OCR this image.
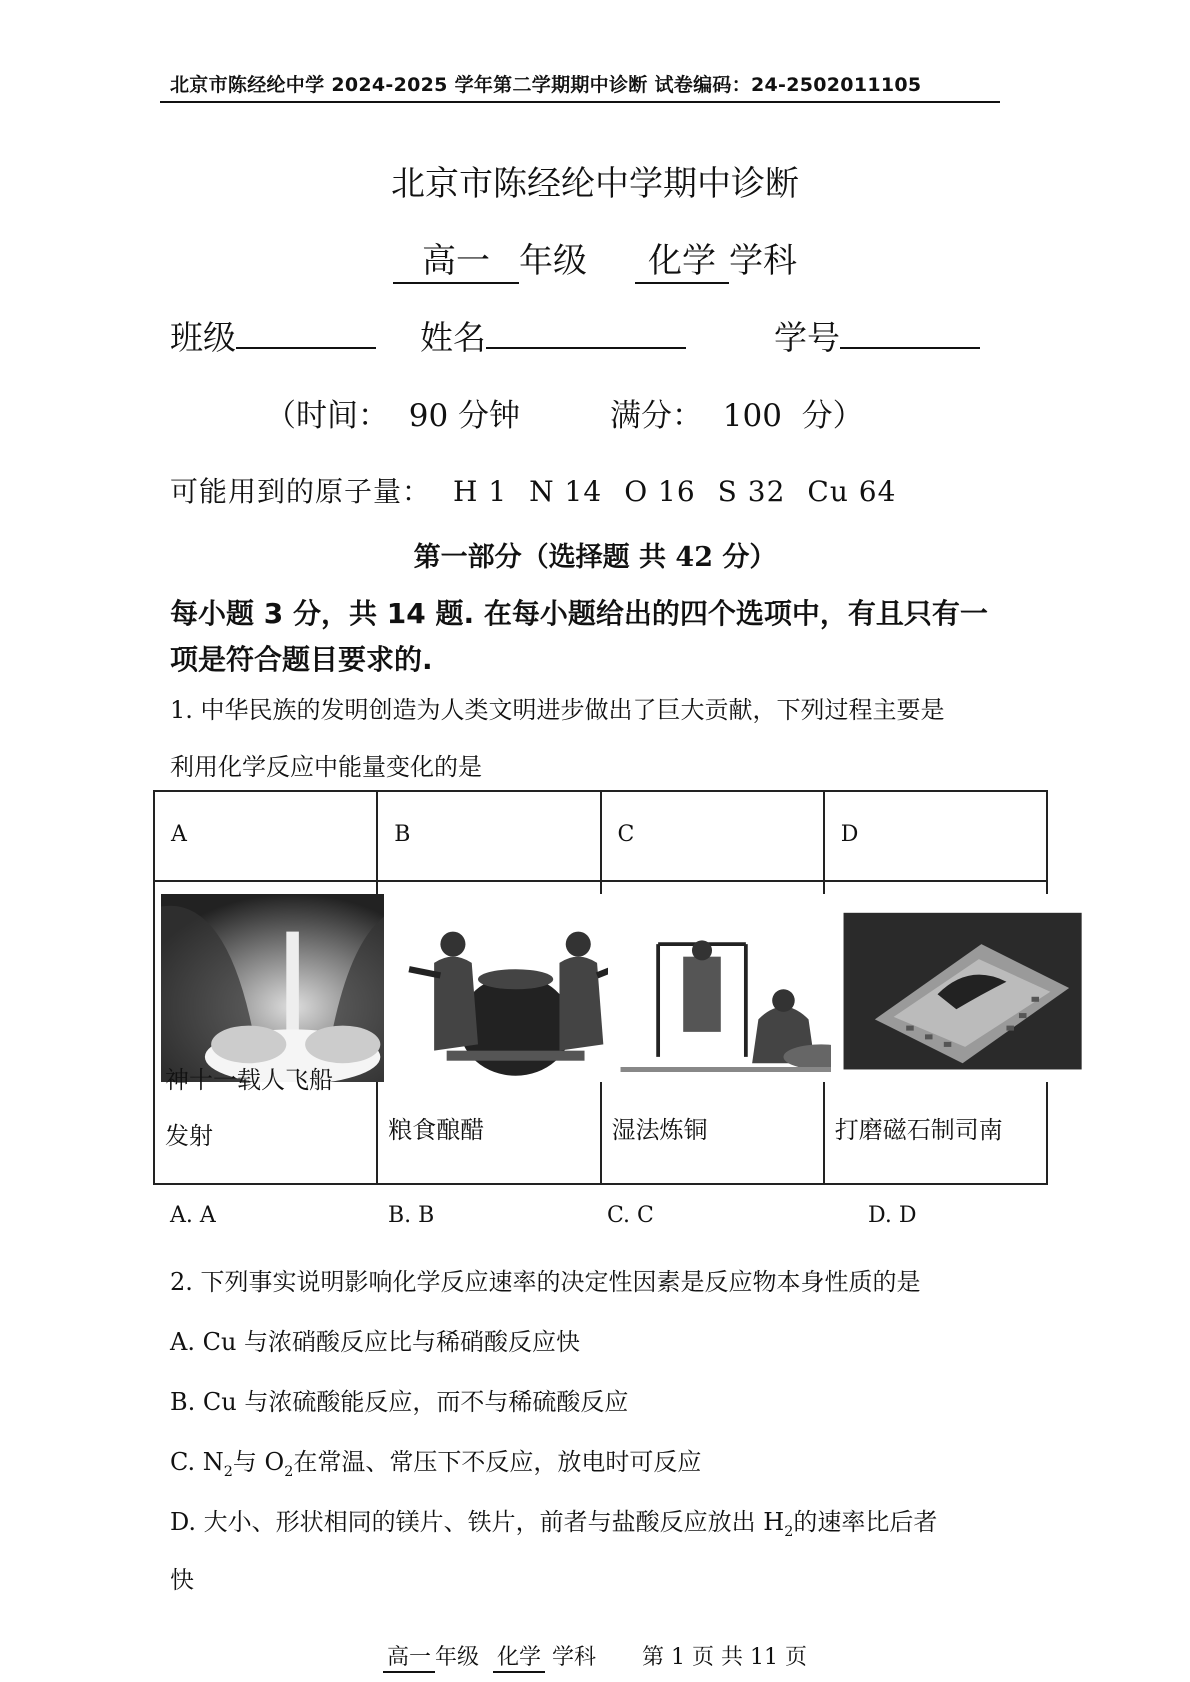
北京市陈经纶中学 2024-2025 学年第二学期期中诊断 试卷编码：24-2502011105
北京市陈经纶中学期中诊断
高一 年级 化学 学科
班级	姓名	学号
（时间： 90 分钟	满分： 100 分）
可能用到的原子量： H 1 N 14 O 16 S 32 Cu 64
第一部分（选择题 共 42 分）
每小题 3 分，共 14 题. 在每小题给出的四个选项中，有且只有一
项是符合题目要求的.
1. 中华民族的发明创造为人类文明进步做出了巨大贡献，下列过程主要是
利用化学反应中能量变化的是
A	B	C	D

神十一载人飞船发射	粮食酿醋	湿法炼铜	打磨磁石制司南
A. A	B. B	C. C	D. D
2. 下列事实说明影响化学反应速率的决定性因素是反应物本身性质的是
A. Cu 与浓硝酸反应比与稀硝酸反应快
B. Cu 与浓硫酸能反应，而不与稀硫酸反应
C. $N_2$与 $O_2$在常温、常压下不反应，放电时可反应
D. 大小、形状相同的镁片、铁片，前者与盐酸反应放出 $H_2$的速率比后者
快
高一 年级 化学 学科 第 1 页 共 11 页
